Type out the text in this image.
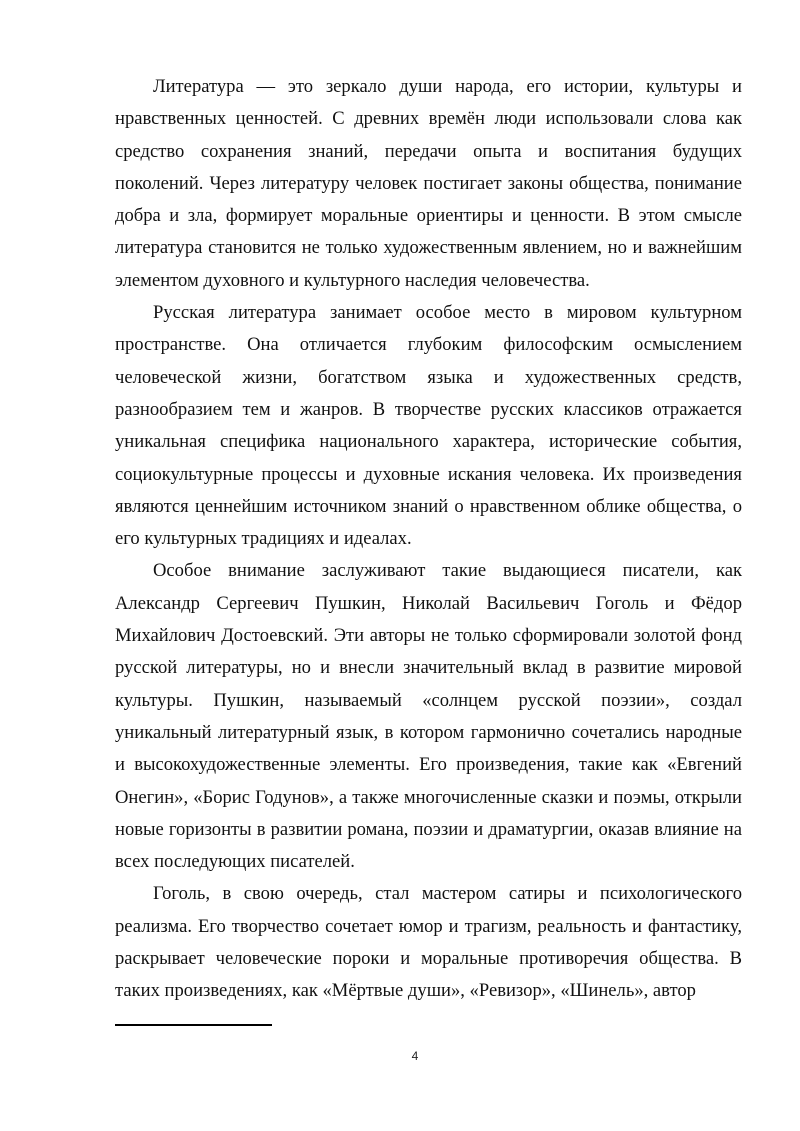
Литература — это зеркало души народа, его истории, культуры и нравственных ценностей. С древних времён люди использовали слова как средство сохранения знаний, передачи опыта и воспитания будущих поколений. Через литературу человек постигает законы общества, понимание добра и зла, формирует моральные ориентиры и ценности. В этом смысле литература становится не только художественным явлением, но и важнейшим элементом духовного и культурного наследия человечества.

Русская литература занимает особое место в мировом культурном пространстве. Она отличается глубоким философским осмыслением человеческой жизни, богатством языка и художественных средств, разнообразием тем и жанров. В творчестве русских классиков отражается уникальная специфика национального характера, исторические события, социокультурные процессы и духовные искания человека. Их произведения являются ценнейшим источником знаний о нравственном облике общества, о его культурных традициях и идеалах.

Особое внимание заслуживают такие выдающиеся писатели, как Александр Сергеевич Пушкин, Николай Васильевич Гоголь и Фёдор Михайлович Достоевский. Эти авторы не только сформировали золотой фонд русской литературы, но и внесли значительный вклад в развитие мировой культуры. Пушкин, называемый «солнцем русской поэзии», создал уникальный литературный язык, в котором гармонично сочетались народные и высокохудожественные элементы. Его произведения, такие как «Евгений Онегин», «Борис Годунов», а также многочисленные сказки и поэмы, открыли новые горизонты в развитии романа, поэзии и драматургии, оказав влияние на всех последующих писателей.

Гоголь, в свою очередь, стал мастером сатиры и психологического реализма. Его творчество сочетает юмор и трагизм, реальность и фантастику, раскрывает человеческие пороки и моральные противоречия общества. В таких произведениях, как «Мёртвые души», «Ревизор», «Шинель», автор

4
